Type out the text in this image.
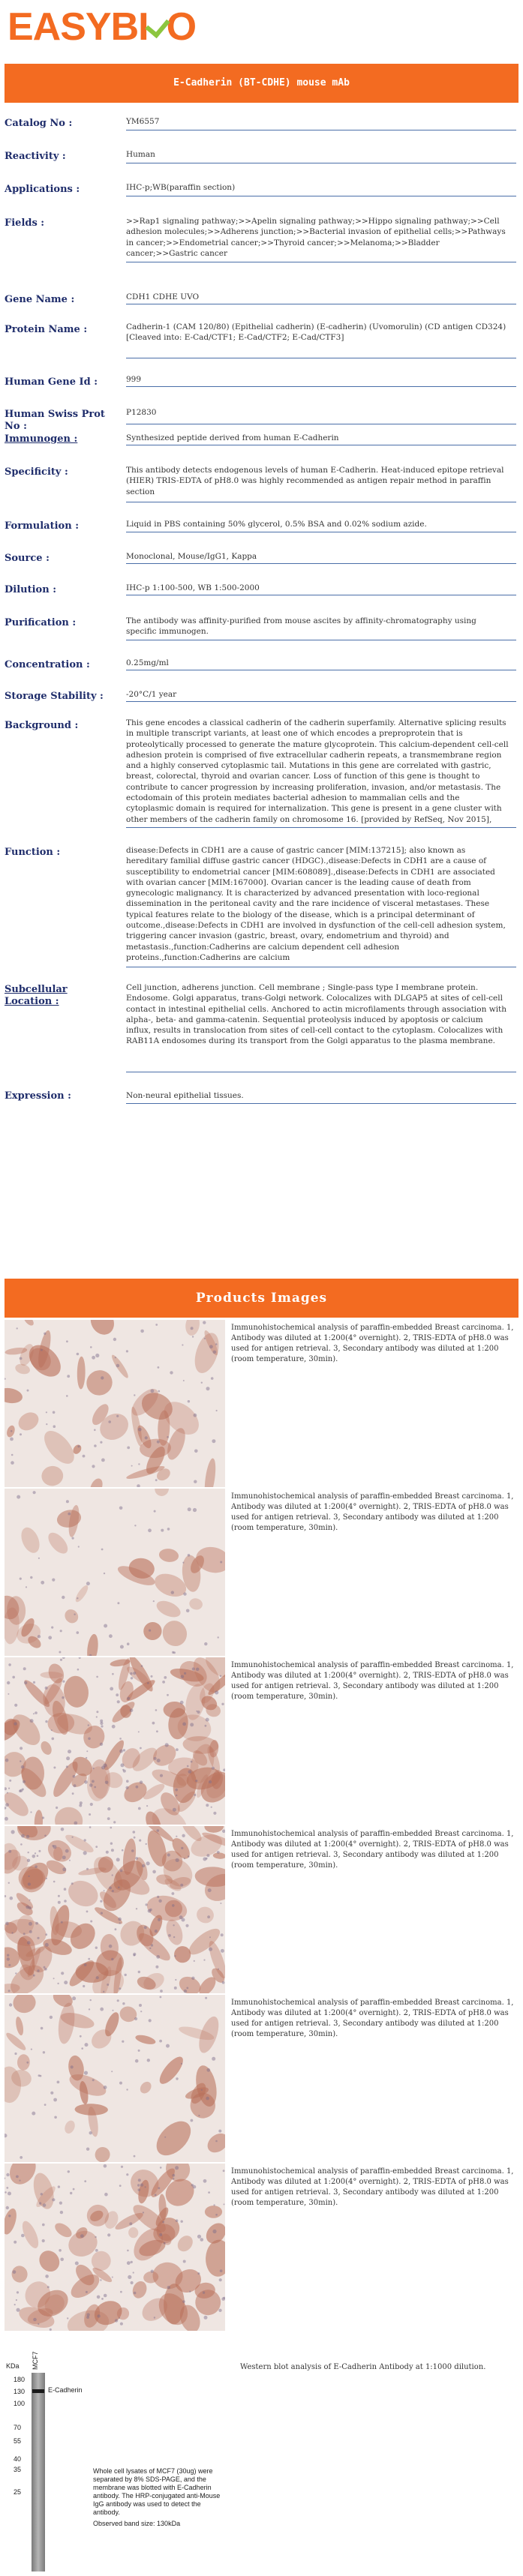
EASYBI O
E-Cadherin (BT-CDHE) mouse mAb
Catalog No :	YM6557
Reactivity :	Human
Applications :	IHC-p;WB(paraffin section)
Fields :	>>Rap1 signaling pathway;>>Apelin signaling pathway;>>Hippo signaling pathway;>>Cell adhesion molecules;>>Adherens junction;>>Bacterial invasion of epithelial cells;>>Pathways in cancer;>>Endometrial cancer;>>Thyroid cancer;>>Melanoma;>>Bladder cancer;>>Gastric cancer
Gene Name :	CDH1 CDHE UVO
Protein Name :	Cadherin-1 (CAM 120/80) (Epithelial cadherin) (E-cadherin) (Uvomorulin) (CD antigen CD324) [Cleaved into: E-Cad/CTF1; E-Cad/CTF2; E-Cad/CTF3]
Human Gene Id :	999
Human Swiss Prot No :
P12830
Immunogen :	Synthesized peptide derived from human E-Cadherin
Specificity :	This antibody detects endogenous levels of human E-Cadherin. Heat-induced epitope retrieval (HIER) TRIS-EDTA of pH8.0 was highly recommended as antigen repair method in paraffin section
Formulation :	Liquid in PBS containing 50% glycerol, 0.5% BSA and 0.02% sodium azide.
Source :	Monoclonal, Mouse/IgG1, Kappa
Dilution :	IHC-p 1:100-500, WB 1:500-2000
Purification :	The antibody was affinity-purified from mouse ascites by affinity-chromatography using specific immunogen.
Concentration :	0.25mg/ml
Storage Stability :	-20°C/1 year
Background :	This gene encodes a classical cadherin of the cadherin superfamily. Alternative splicing results in multiple transcript variants, at least one of which encodes a preproprotein that is proteolytically processed to generate the mature glycoprotein. This calcium-dependent cell-cell adhesion protein is comprised of five extracellular cadherin repeats, a transmembrane region and a highly conserved cytoplasmic tail. Mutations in this gene are correlated with gastric, breast, colorectal, thyroid and ovarian cancer. Loss of function of this gene is thought to contribute to cancer progression by increasing proliferation, invasion, and/or metastasis. The ectodomain of this protein mediates bacterial adhesion to mammalian cells and the cytoplasmic domain is required for internalization. This gene is present in a gene cluster with other members of the cadherin family on chromosome 16. [provided by RefSeq, Nov 2015],
Function :	disease:Defects in CDH1 are a cause of gastric cancer [MIM:137215]; also known as hereditary familial diffuse gastric cancer (HDGC).,disease:Defects in CDH1 are a cause of susceptibility to endometrial cancer [MIM:608089].,disease:Defects in CDH1 are associated with ovarian cancer [MIM:167000]. Ovarian cancer is the leading cause of death from gynecologic malignancy. It is characterized by advanced presentation with loco-regional dissemination in the peritoneal cavity and the rare incidence of visceral metastases. These typical features relate to the biology of the disease, which is a principal determinant of outcome.,disease:Defects in CDH1 are involved in dysfunction of the cell-cell adhesion system, triggering cancer invasion (gastric, breast, ovary, endometrium and thyroid) and metastasis.,function:Cadherins are calcium dependent cell adhesion proteins.,function:Cadherins are calcium
Subcellular Location :
Cell junction, adherens junction. Cell membrane ; Single-pass type I membrane protein. Endosome. Golgi apparatus, trans-Golgi network. Colocalizes with DLGAP5 at sites of cell-cell contact in intestinal epithelial cells. Anchored to actin microfilaments through association with alpha-, beta- and gamma-catenin. Sequential proteolysis induced by apoptosis or calcium influx, results in translocation from sites of cell-cell contact to the cytoplasm. Colocalizes with RAB11A endosomes during its transport from the Golgi apparatus to the plasma membrane.
Expression :	Non-neural epithelial tissues.
Products Images
Immunohistochemical analysis of paraffin-embedded Breast carcinoma. 1, Antibody was diluted at 1:200(4° overnight). 2, TRIS-EDTA of pH8.0 was used for antigen retrieval. 3, Secondary antibody was diluted at 1:200 (room temperature, 30min).
Immunohistochemical analysis of paraffin-embedded Breast carcinoma. 1, Antibody was diluted at 1:200(4° overnight). 2, TRIS-EDTA of pH8.0 was used for antigen retrieval. 3, Secondary antibody was diluted at 1:200 (room temperature, 30min).
Immunohistochemical analysis of paraffin-embedded Breast carcinoma. 1, Antibody was diluted at 1:200(4° overnight). 2, TRIS-EDTA of pH8.0 was used for antigen retrieval. 3, Secondary antibody was diluted at 1:200 (room temperature, 30min).
Immunohistochemical analysis of paraffin-embedded Breast carcinoma. 1, Antibody was diluted at 1:200(4° overnight). 2, TRIS-EDTA of pH8.0 was used for antigen retrieval. 3, Secondary antibody was diluted at 1:200 (room temperature, 30min).
Immunohistochemical analysis of paraffin-embedded Breast carcinoma. 1, Antibody was diluted at 1:200(4° overnight). 2, TRIS-EDTA of pH8.0 was used for antigen retrieval. 3, Secondary antibody was diluted at 1:200 (room temperature, 30min).
Immunohistochemical analysis of paraffin-embedded Breast carcinoma. 1, Antibody was diluted at 1:200(4° overnight). 2, TRIS-EDTA of pH8.0 was used for antigen retrieval. 3, Secondary antibody was diluted at 1:200 (room temperature, 30min).
MCF7
KDa
180
130
100
70
55
40
35
25
E-Cadherin
Whole cell lysates of MCF7 (30ug) were separated by 8% SDS-PAGE, and the membrane was blotted with E-Cadherin antibody. The HRP-conjugated anti-Mouse IgG antibody was used to detect the antibody.
Observed band size: 130kDa
Western blot analysis of E-Cadherin Antibody at 1:1000 dilution.
